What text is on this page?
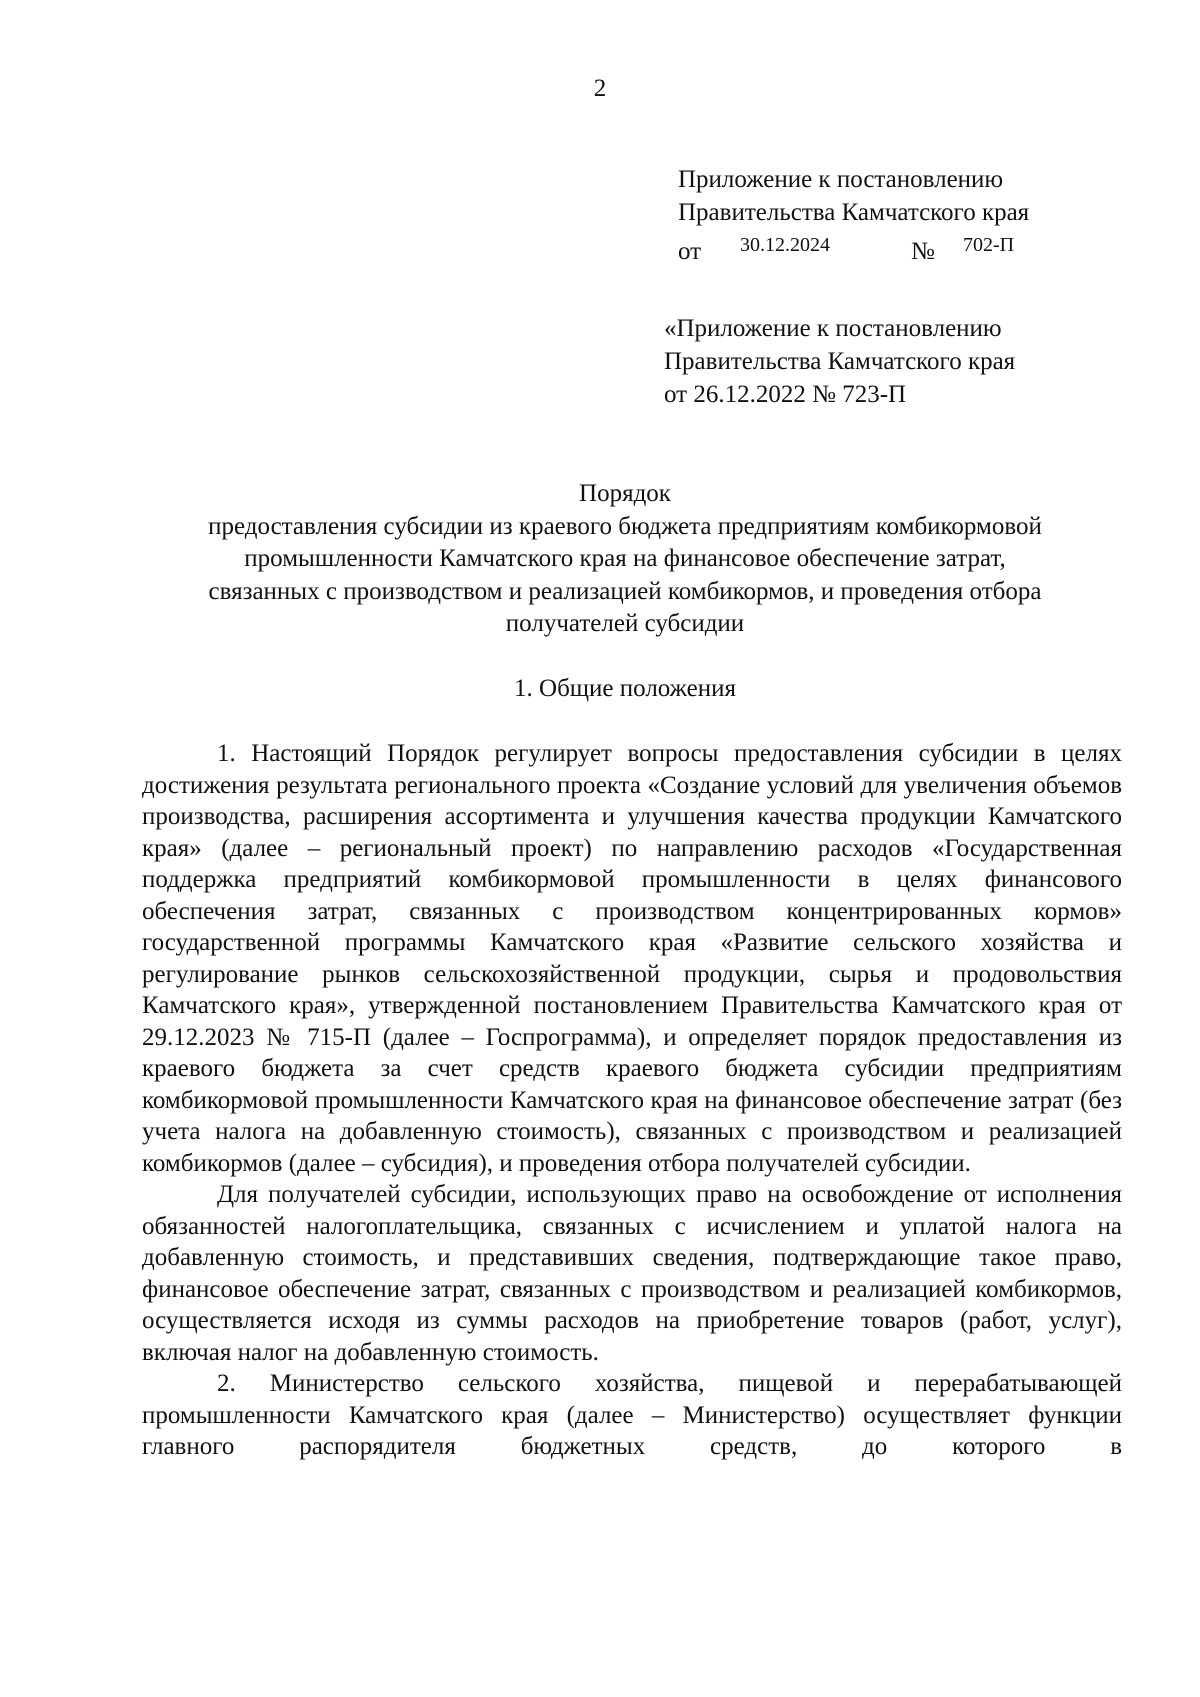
2
Приложение к постановлению
Правительства Камчатского края
от 30.12.2024	№ 702-П
«Приложение к постановлению
Правительства Камчатского края
от 26.12.2022 № 723-П
Порядок
предоставления субсидии из краевого бюджета предприятиям комбикормовой
промышленности Камчатского края на финансовое обеспечение затрат,
связанных с производством и реализацией комбикормов, и проведения отбора
получателей субсидии
1. Общие положения

1. Настоящий Порядок регулирует вопросы предоставления субсидии в целях достижения результата регионального проекта «Создание условий для увеличения объемов производства, расширения ассортимента и улучшения качества продукции Камчатского края» (далее – региональный проект) по направлению расходов «Государственная поддержка предприятий комбикормовой промышленности в целях финансового обеспечения затрат, связанных с производством концентрированных кормов» государственной программы Камчатского края «Развитие сельского хозяйства и регулирование рынков сельскохозяйственной продукции, сырья и продовольствия Камчатского края», утвержденной постановлением Правительства Камчатского края от 29.12.2023 № 715-П (далее – Госпрограмма), и определяет порядок предоставления из краевого бюджета за счет средств краевого бюджета субсидии предприятиям комбикормовой промышленности Камчатского края на финансовое обеспечение затрат (без учета налога на добавленную стоимость), связанных с производством и реализацией комбикормов (далее – субсидия), и проведения отбора получателей субсидии.

Для получателей субсидии, использующих право на освобождение от исполнения обязанностей налогоплательщика, связанных с исчислением и уплатой налога на добавленную стоимость, и представивших сведения, подтверждающие такое право, финансовое обеспечение затрат, связанных с производством и реализацией комбикормов, осуществляется исходя из суммы расходов на приобретение товаров (работ, услуг), включая налог на добавленную стоимость.

2. Министерство сельского хозяйства, пищевой и перерабатывающей промышленности Камчатского края (далее – Министерство) осуществляет функции главного распорядителя бюджетных средств, до которого в
